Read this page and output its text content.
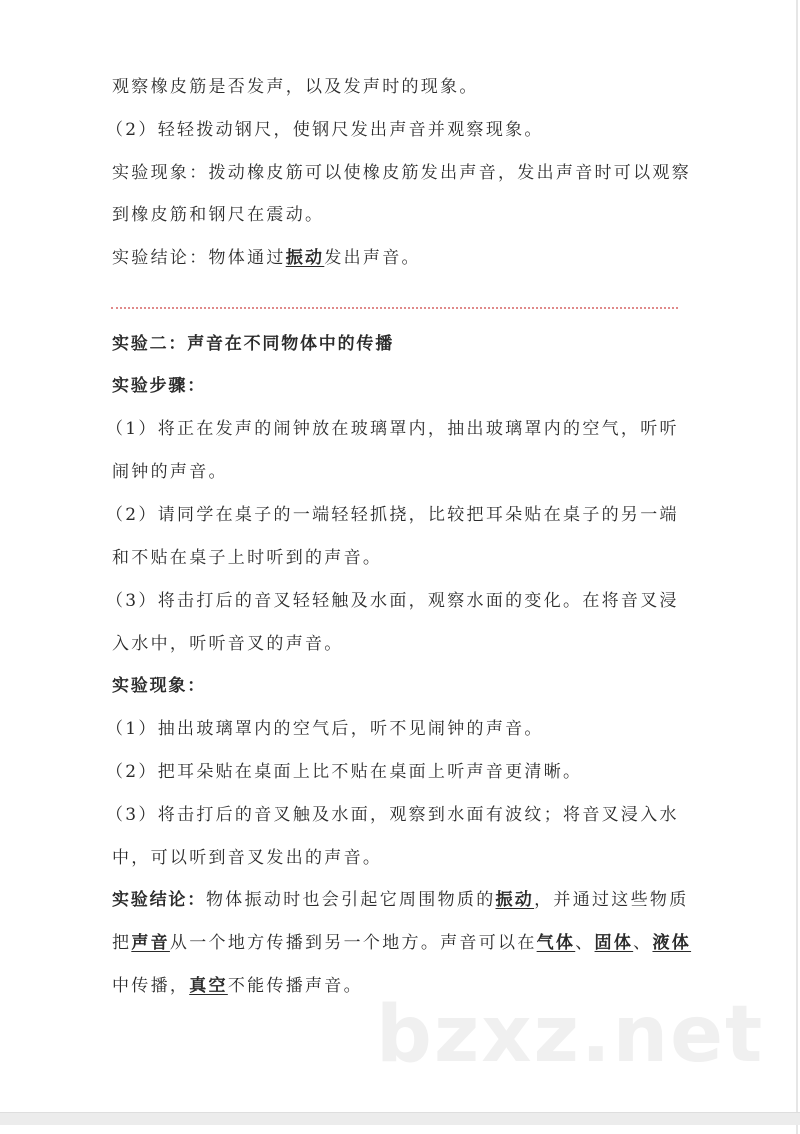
观察橡皮筋是否发声，以及发声时的现象。
（2）轻轻拨动钢尺，使钢尺发出声音并观察现象。
实验现象：拨动橡皮筋可以使橡皮筋发出声音，发出声音时可以观察
到橡皮筋和钢尺在震动。
实验结论：物体通过振动发出声音。
实验二：声音在不同物体中的传播
实验步骤：
（1）将正在发声的闹钟放在玻璃罩内，抽出玻璃罩内的空气，听听
闹钟的声音。
（2）请同学在桌子的一端轻轻抓挠，比较把耳朵贴在桌子的另一端
和不贴在桌子上时听到的声音。
（3）将击打后的音叉轻轻触及水面，观察水面的变化。在将音叉浸
入水中，听听音叉的声音。
实验现象：
（1）抽出玻璃罩内的空气后，听不见闹钟的声音。
（2）把耳朵贴在桌面上比不贴在桌面上听声音更清晰。
（3）将击打后的音叉触及水面，观察到水面有波纹；将音叉浸入水
中，可以听到音叉发出的声音。
实验结论：物体振动时也会引起它周围物质的振动，并通过这些物质
把声音从一个地方传播到另一个地方。声音可以在气体、固体、液体
中传播，真空不能传播声音。
bzxz.net
